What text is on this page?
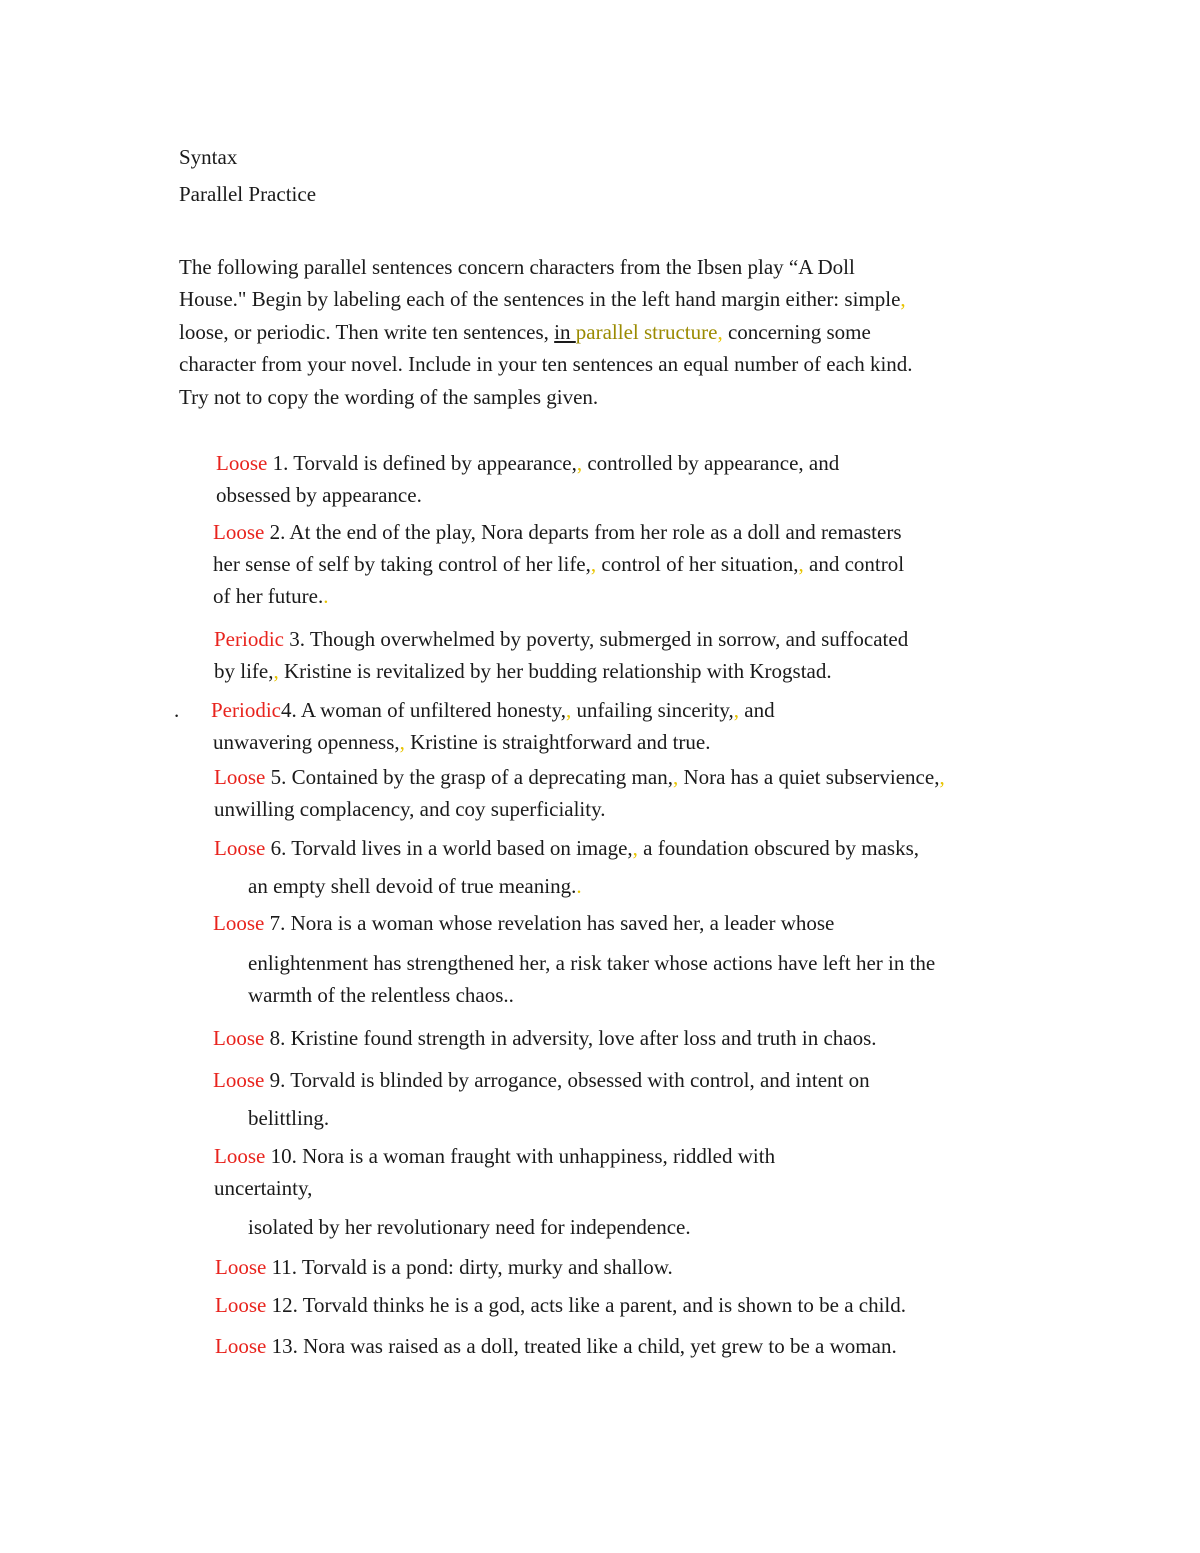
Syntax
Parallel Practice
The following parallel sentences concern characters from the Ibsen play “A Doll
House." Begin by labeling each of the sentences in the left hand margin either: simple,
loose, or periodic. Then write ten sentences, in parallel structure, concerning some
character from your novel. Include in your ten sentences an equal number of each kind.
Try not to copy the wording of the samples given.
Loose 1. Torvald is defined by appearance,, controlled by appearance, and
obsessed by appearance.
Loose 2. At the end of the play, Nora departs from her role as a doll and remasters
her sense of self by taking control of her life,, control of her situation,, and control
of her future..
Periodic 3. Though overwhelmed by poverty, submerged in sorrow, and suffocated
by life,, Kristine is revitalized by her budding relationship with Krogstad.
. Periodic4. A woman of unfiltered honesty,, unfailing sincerity,, and
unwavering openness,, Kristine is straightforward and true.
Loose 5. Contained by the grasp of a deprecating man,, Nora has a quiet subservience,,
unwilling complacency, and coy superficiality.
Loose 6. Torvald lives in a world based on image,, a foundation obscured by masks,
an empty shell devoid of true meaning..
Loose 7. Nora is a woman whose revelation has saved her, a leader whose
enlightenment has strengthened her, a risk taker whose actions have left her in the
warmth of the relentless chaos..
Loose 8. Kristine found strength in adversity, love after loss and truth in chaos.
Loose 9. Torvald is blinded by arrogance, obsessed with control, and intent on
belittling.
Loose 10. Nora is a woman fraught with unhappiness, riddled with
uncertainty,
isolated by her revolutionary need for independence.
Loose 11. Torvald is a pond: dirty, murky and shallow.
Loose 12. Torvald thinks he is a god, acts like a parent, and is shown to be a child.
Loose 13. Nora was raised as a doll, treated like a child, yet grew to be a woman.
